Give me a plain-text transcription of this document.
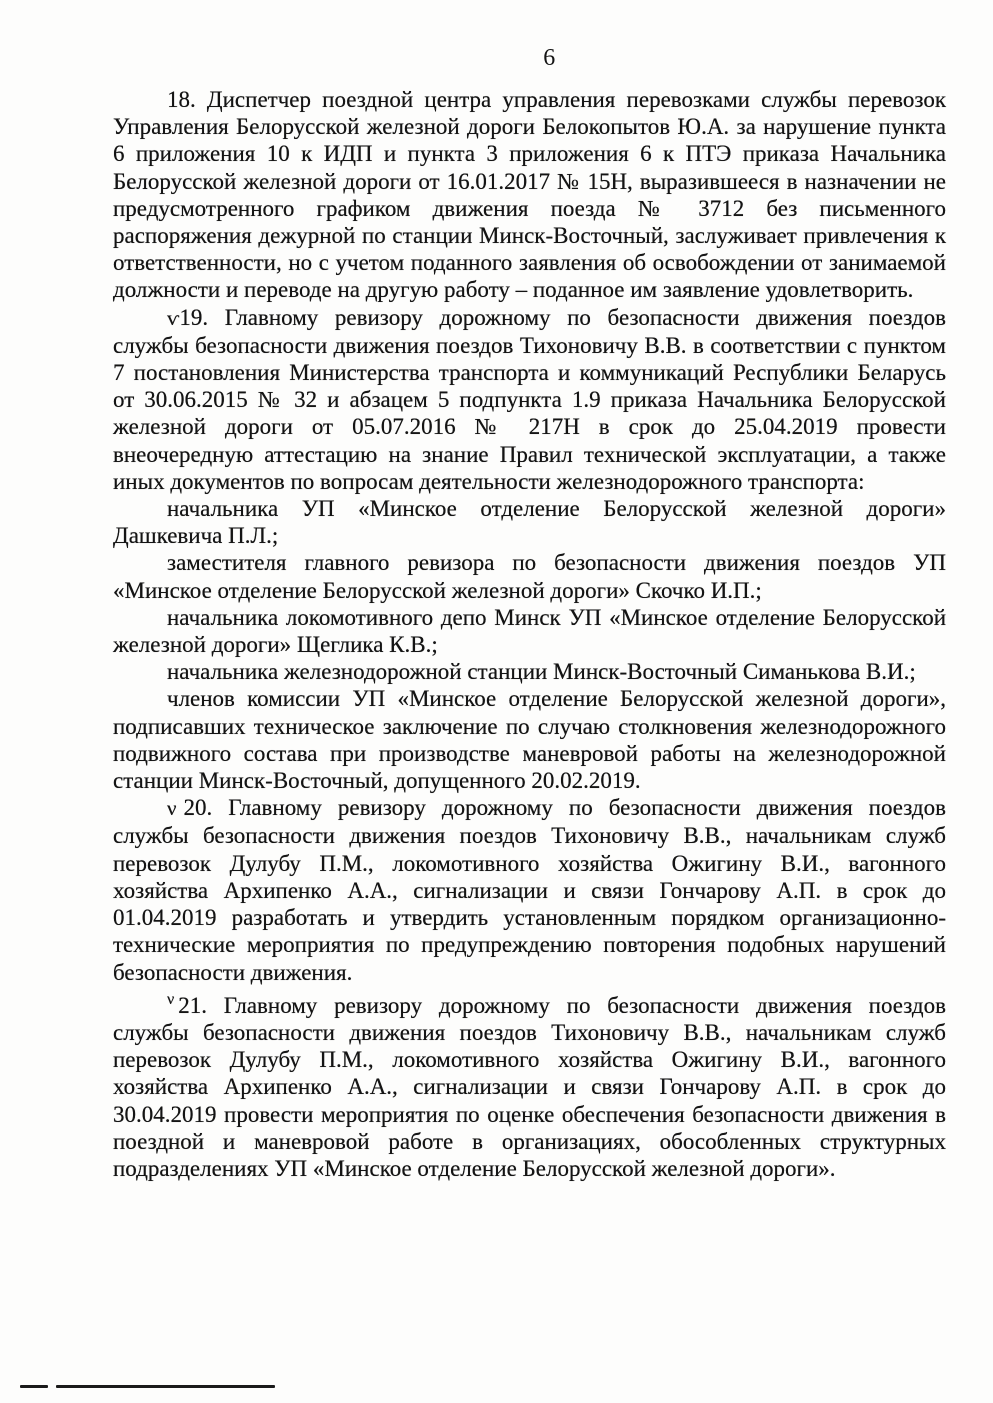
6

18. Диспетчер поездной центра управления перевозками службы перевозок Управления Белорусской железной дороги Белокопытов Ю.А. за нарушение пункта 6 приложения 10 к ИДП и пункта 3 приложения 6 к ПТЭ приказа Начальника Белорусской железной дороги от 16.01.2017 № 15Н, выразившееся в назначении не предусмотренного графиком движения поезда № 3712 без письменного распоряжения дежурной по станции Минск-Восточный, заслуживает привлечения к ответственности, но с учетом поданного заявления об освобождении от занимаемой должности и переводе на другую работу – поданное им заявление удовлетворить.

ѵ19. Главному ревизору дорожному по безопасности движения поездов службы безопасности движения поездов Тихоновичу В.В. в соответствии с пунктом 7 постановления Министерства транспорта и коммуникаций Республики Беларусь от 30.06.2015 № 32 и абзацем 5 подпункта 1.9 приказа Начальника Белорусской железной дороги от 05.07.2016 № 217Н в срок до 25.04.2019 провести внеочередную аттестацию на знание Правил технической эксплуатации, а также иных документов по вопросам деятельности железнодорожного транспорта:

начальника УП «Минское отделение Белорусской железной дороги» Дашкевича П.Л.;

заместителя главного ревизора по безопасности движения поездов УП «Минское отделение Белорусской железной дороги» Скочко И.П.;

начальника локомотивного депо Минск УП «Минское отделение Белорусской железной дороги» Щеглика К.В.;

начальника железнодорожной станции Минск-Восточный Симанькова В.И.;

членов комиссии УП «Минское отделение Белорусской железной дороги», подписавших техническое заключение по случаю столкновения железнодорожного подвижного состава при производстве маневровой работы на железнодорожной станции Минск-Восточный, допущенного 20.02.2019.

ν 20. Главному ревизору дорожному по безопасности движения поездов службы безопасности движения поездов Тихоновичу В.В., начальникам служб перевозок Дулубу П.М., локомотивного хозяйства Ожигину В.И., вагонного хозяйства Архипенко А.А., сигнализации и связи Гончарову А.П. в срок до 01.04.2019 разработать и утвердить установленным порядком организационно-технические мероприятия по предупреждению повторения подобных нарушений безопасности движения.

ν 21. Главному ревизору дорожному по безопасности движения поездов службы безопасности движения поездов Тихоновичу В.В., начальникам служб перевозок Дулубу П.М., локомотивного хозяйства Ожигину В.И., вагонного хозяйства Архипенко А.А., сигнализации и связи Гончарову А.П. в срок до 30.04.2019 провести мероприятия по оценке обеспечения безопасности движения в поездной и маневровой работе в организациях, обособленных структурных подразделениях УП «Минское отделение Белорусской железной дороги».
